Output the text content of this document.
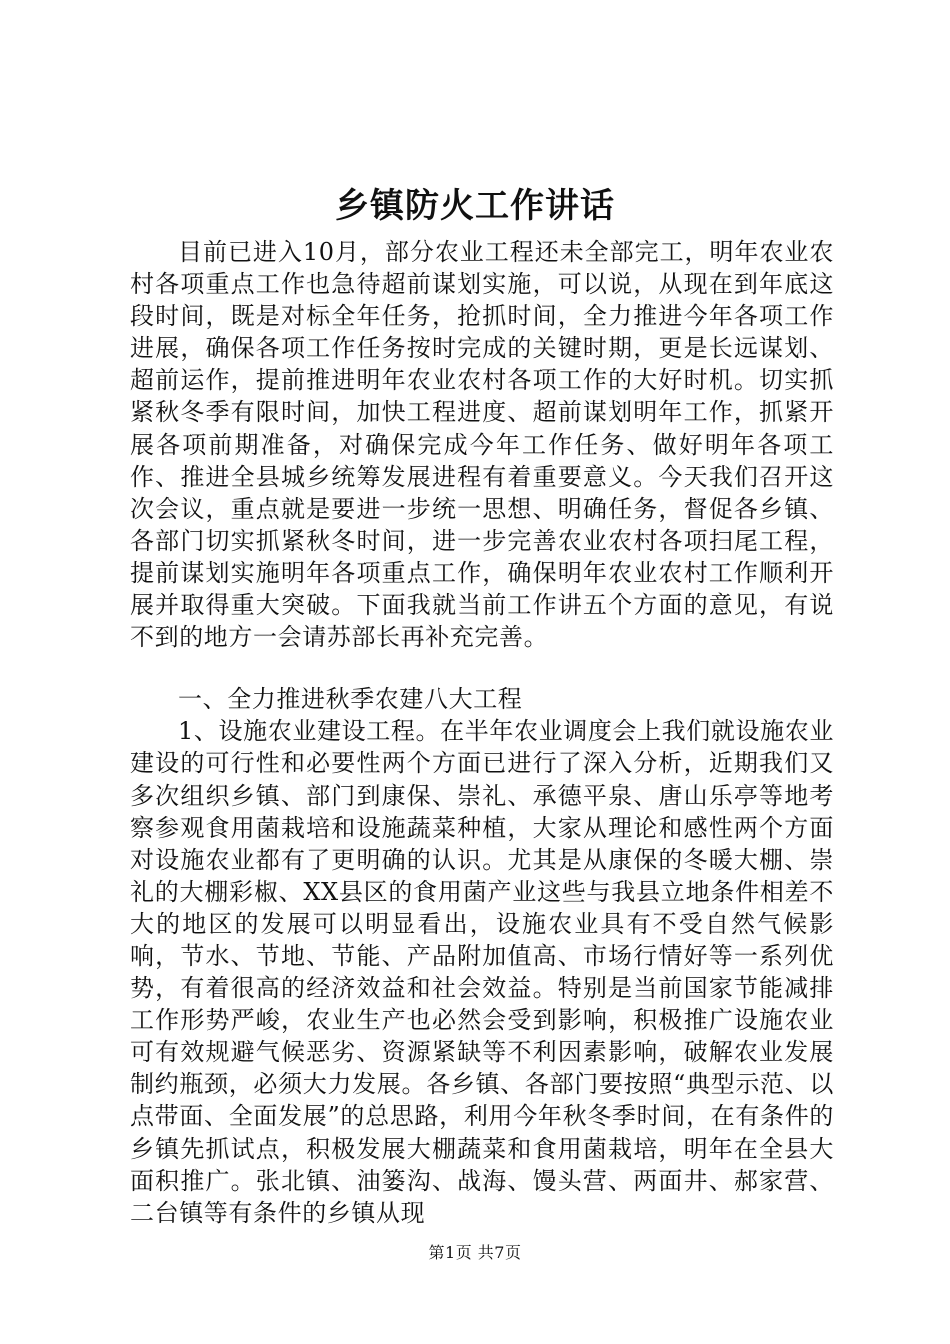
乡镇防火工作讲话

目前已进入10月，部分农业工程还未全部完工，明年农业农村各项重点工作也急待超前谋划实施，可以说，从现在到年底这段时间，既是对标全年任务，抢抓时间，全力推进今年各项工作进展，确保各项工作任务按时完成的关键时期，更是长远谋划、超前运作，提前推进明年农业农村各项工作的大好时机。切实抓紧秋冬季有限时间，加快工程进度、超前谋划明年工作，抓紧开展各项前期准备，对确保完成今年工作任务、做好明年各项工作、推进全县城乡统筹发展进程有着重要意义。今天我们召开这次会议，重点就是要进一步统一思想、明确任务，督促各乡镇、各部门切实抓紧秋冬时间，进一步完善农业农村各项扫尾工程，提前谋划实施明年各项重点工作，确保明年农业农村工作顺利开展并取得重大突破。下面我就当前工作讲五个方面的意见，有说不到的地方一会请苏部长再补充完善。

一、全力推进秋季农建八大工程

1、设施农业建设工程。在半年农业调度会上我们就设施农业建设的可行性和必要性两个方面已进行了深入分析，近期我们又多次组织乡镇、部门到康保、崇礼、承德平泉、唐山乐亭等地考察参观食用菌栽培和设施蔬菜种植，大家从理论和感性两个方面对设施农业都有了更明确的认识。尤其是从康保的冬暖大棚、崇礼的大棚彩椒、XX县区的食用菌产业这些与我县立地条件相差不大的地区的发展可以明显看出，设施农业具有不受自然气候影响，节水、节地、节能、产品附加值高、市场行情好等一系列优势，有着很高的经济效益和社会效益。特别是当前国家节能减排工作形势严峻，农业生产也必然会受到影响，积极推广设施农业可有效规避气候恶劣、资源紧缺等不利因素影响，破解农业发展制约瓶颈，必须大力发展。各乡镇、各部门要按照“典型示范、以点带面、全面发展”的总思路，利用今年秋冬季时间，在有条件的乡镇先抓试点，积极发展大棚蔬菜和食用菌栽培，明年在全县大面积推广。张北镇、油篓沟、战海、馒头营、两面井、郝家营、二台镇等有条件的乡镇从现

第1页 共7页
